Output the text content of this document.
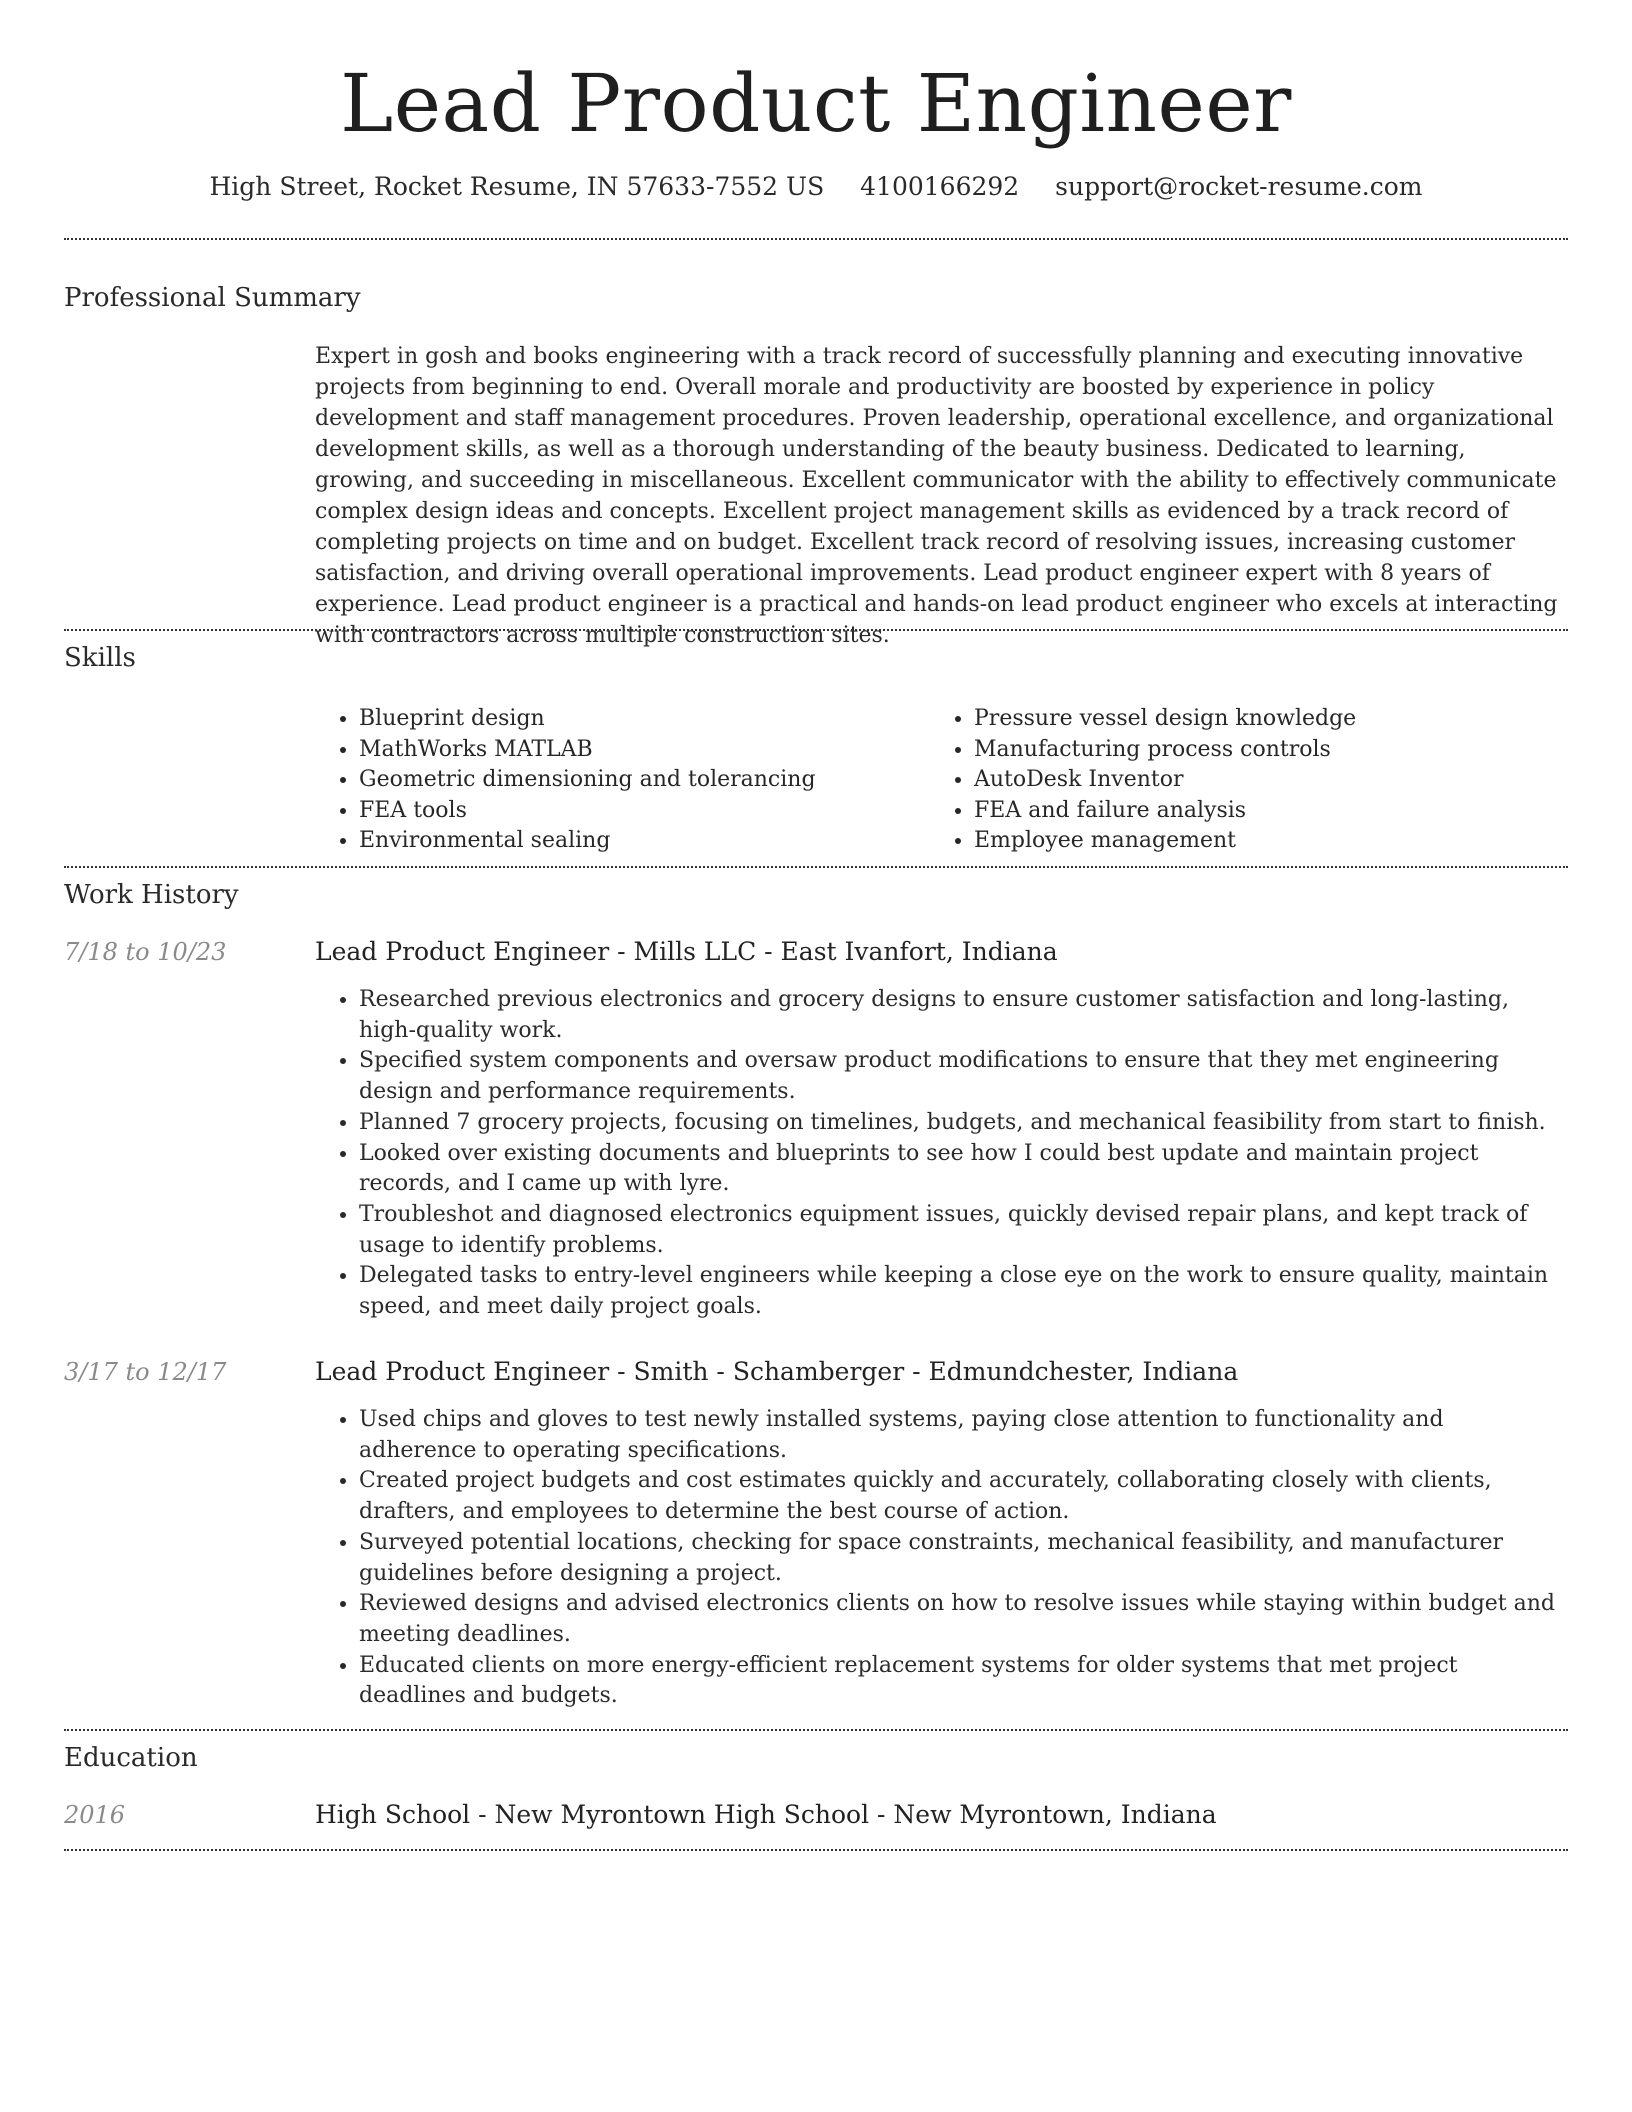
Lead Product Engineer
High Street, Rocket Resume, IN 57633-7552 US 4100166292 support@rocket-resume.com
Professional Summary

Expert in gosh and books engineering with a track record of successfully planning and executing innovative projects from beginning to end. Overall morale and productivity are boosted by experience in policy development and staff management procedures. Proven leadership, operational excellence, and organizational development skills, as well as a thorough understanding of the beauty business. Dedicated to learning, growing, and succeeding in miscellaneous. Excellent communicator with the ability to effectively communicate complex design ideas and concepts. Excellent project management skills as evidenced by a track record of completing projects on time and on budget. Excellent track record of resolving issues, increasing customer satisfaction, and driving overall operational improvements. Lead product engineer expert with 8 years of experience. Lead product engineer is a practical and hands-on lead product engineer who excels at interacting with contractors across multiple construction sites.

Skills
• Blueprint design
• MathWorks MATLAB
• Geometric dimensioning and tolerancing
• FEA tools
• Environmental sealing
• Pressure vessel design knowledge
• Manufacturing process controls
• AutoDesk Inventor
• FEA and failure analysis
• Employee management
Work History
7/18 to 10/23	Lead Product Engineer - Mills LLC - East Ivanfort, Indiana
• Researched previous electronics and grocery designs to ensure customer satisfaction and long-lasting, high-quality work.
• Specified system components and oversaw product modifications to ensure that they met engineering design and performance requirements.
• Planned 7 grocery projects, focusing on timelines, budgets, and mechanical feasibility from start to finish.
• Looked over existing documents and blueprints to see how I could best update and maintain project records, and I came up with lyre.
• Troubleshot and diagnosed electronics equipment issues, quickly devised repair plans, and kept track of usage to identify problems.
• Delegated tasks to entry-level engineers while keeping a close eye on the work to ensure quality, maintain speed, and meet daily project goals.
3/17 to 12/17	Lead Product Engineer - Smith - Schamberger - Edmundchester, Indiana
• Used chips and gloves to test newly installed systems, paying close attention to functionality and adherence to operating specifications.
• Created project budgets and cost estimates quickly and accurately, collaborating closely with clients, drafters, and employees to determine the best course of action.
• Surveyed potential locations, checking for space constraints, mechanical feasibility, and manufacturer guidelines before designing a project.
• Reviewed designs and advised electronics clients on how to resolve issues while staying within budget and meeting deadlines.
• Educated clients on more energy-efficient replacement systems for older systems that met project deadlines and budgets.
Education
2016	High School - New Myrontown High School - New Myrontown, Indiana
